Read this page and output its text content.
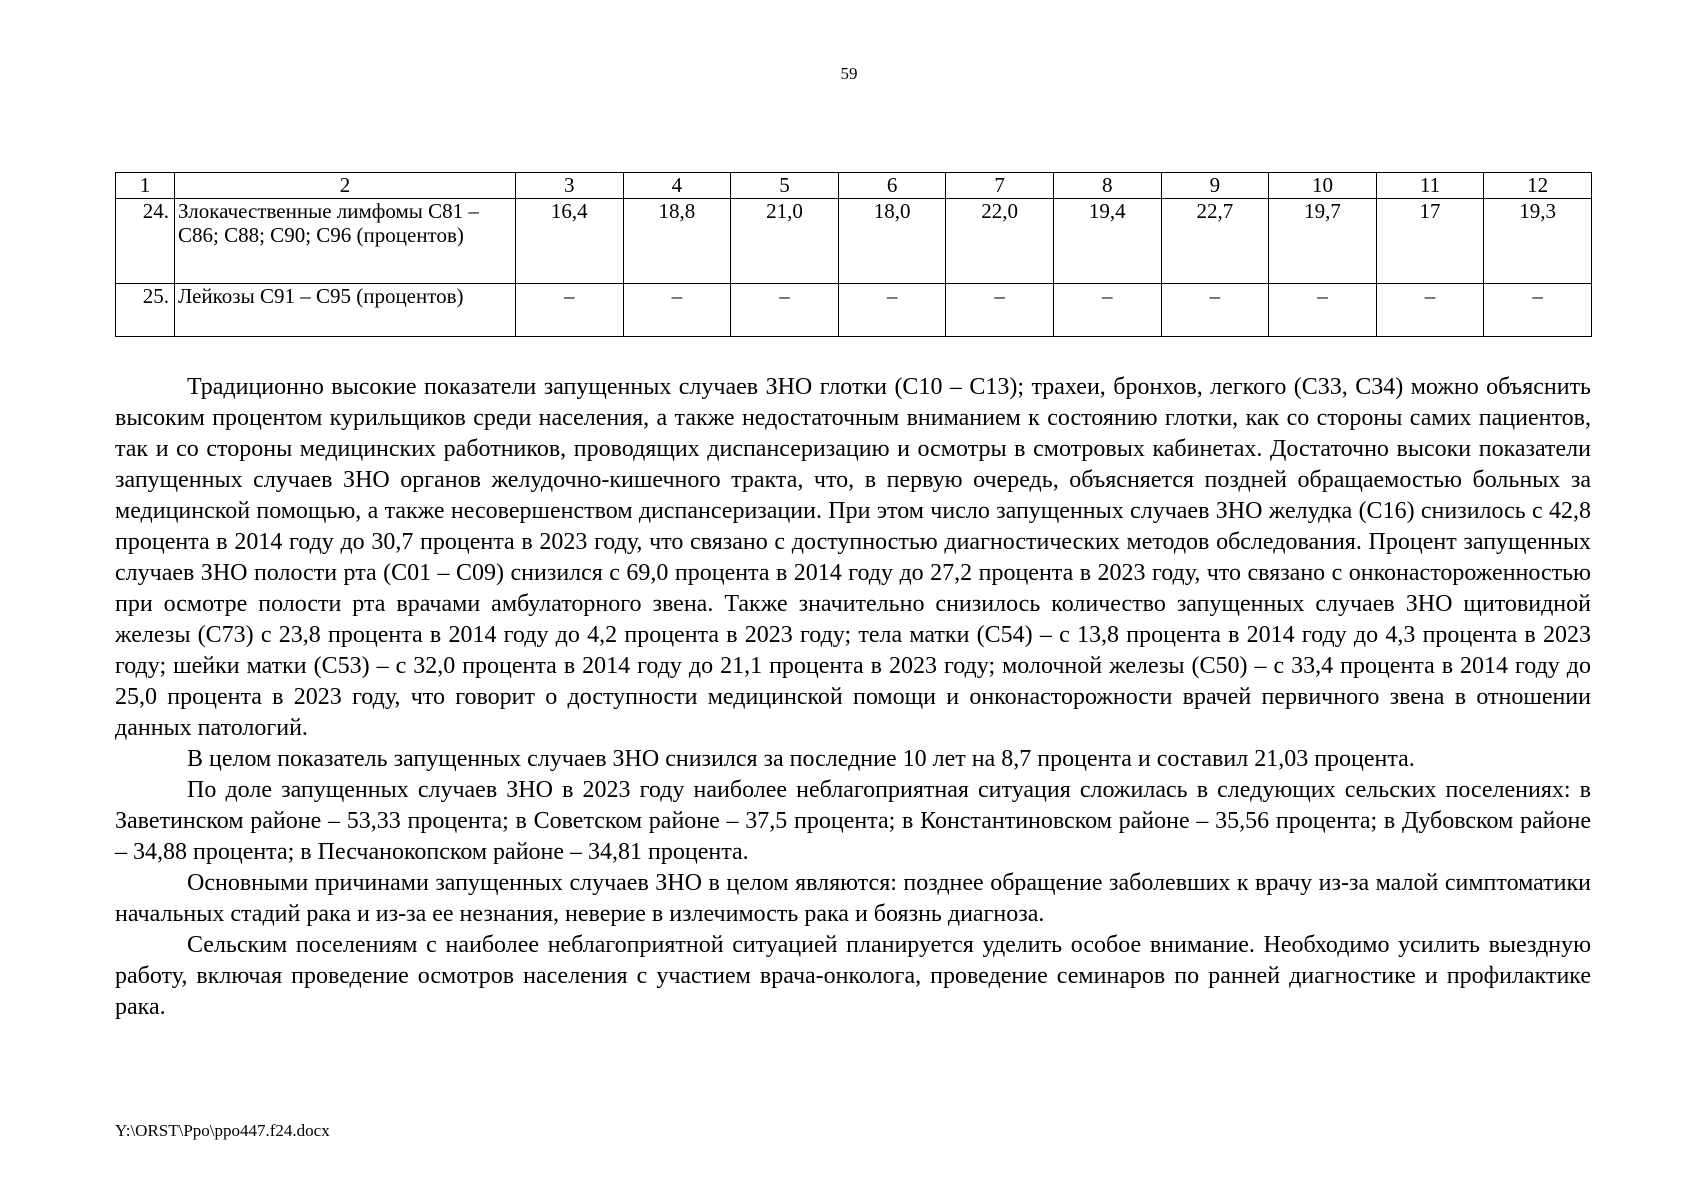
59
1	2	3	4	5	6	7	8	9	10	11	12
24.	Злокачественные лимфомы С81 – С86; С88; С90; С96 (процентов)	16,4	18,8	21,0	18,0	22,0	19,4	22,7	19,7	17	19,3
25.	Лейкозы С91 – С95 (процентов)	–	–	–	–	–	–	–	–	–	–

Традиционно высокие показатели запущенных случаев ЗНО глотки (С10 – С13); трахеи, бронхов, легкого (С33, С34) можно объяснить высоким процентом курильщиков среди населения, а также недостаточным вниманием к состоянию глотки, как со стороны самих пациентов, так и со стороны медицинских работников, проводящих диспансеризацию и осмотры в смотровых кабинетах. Достаточно высоки показатели запущенных случаев ЗНО органов желудочно-кишечного тракта, что, в первую очередь, объясняется поздней обращаемостью больных за медицинской помощью, а также несовершенством диспансеризации. При этом число запущенных случаев ЗНО желудка (С16) снизилось с 42,8 процента в 2014 году до 30,7 процента в 2023 году, что связано с доступностью диагностических методов обследования. Процент запущенных случаев ЗНО полости рта (С01 – С09) снизился с 69,0 процента в 2014 году до 27,2 процента в 2023 году, что связано с онконастороженностью при осмотре полости рта врачами амбулаторного звена. Также значительно снизилось количество запущенных случаев ЗНО щитовидной железы (С73) с 23,8 процента в 2014 году до 4,2 процента в 2023 году; тела матки (С54) – с 13,8 процента в 2014 году до 4,3 процента в 2023 году; шейки матки (С53) – с 32,0 процента в 2014 году до 21,1 процента в 2023 году; молочной железы (С50) – с 33,4 процента в 2014 году до 25,0 процента в 2023 году, что говорит о доступности медицинской помощи и онконасторожности врачей первичного звена в отношении данных патологий.

В целом показатель запущенных случаев ЗНО снизился за последние 10 лет на 8,7 процента и составил 21,03 процента.

По доле запущенных случаев ЗНО в 2023 году наиболее неблагоприятная ситуация сложилась в следующих сельских поселениях: в Заветинском районе – 53,33 процента; в Советском районе – 37,5 процента; в Константиновском районе – 35,56 процента; в Дубовском районе – 34,88 процента; в Песчанокопском районе – 34,81 процента.

Основными причинами запущенных случаев ЗНО в целом являются: позднее обращение заболевших к врачу из-за малой симптоматики начальных стадий рака и из-за ее незнания, неверие в излечимость рака и боязнь диагноза.

Сельским поселениям с наиболее неблагоприятной ситуацией планируется уделить особое внимание. Необходимо усилить выездную работу, включая проведение осмотров населения с участием врача-онколога, проведение семинаров по ранней диагностике и профилактике рака.

Y:\ORST\Ppo\ppo447.f24.docx
